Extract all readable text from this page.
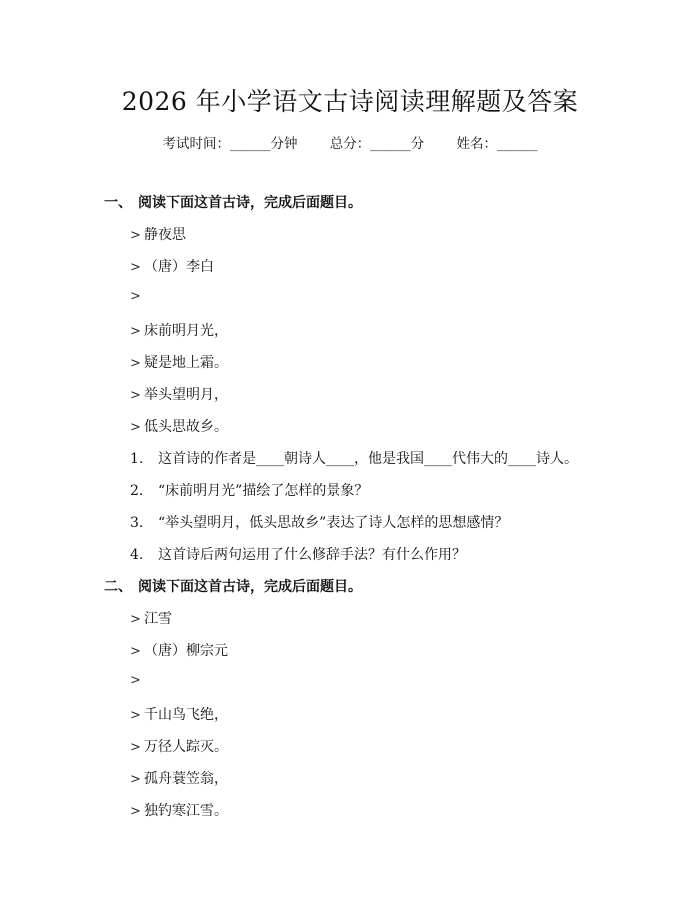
2026 年小学语文古诗阅读理解题及答案
考试时间：______分钟 总分：______分 姓名：______
一、 阅读下面这首古诗，完成后面题目。
> 静夜思
> （唐）李白
>
> 床前明月光，
> 疑是地上霜。
> 举头望明月，
> 低头思故乡。
1. 这首诗的作者是____朝诗人____，他是我国____代伟大的____诗人。
2. “床前明月光”描绘了怎样的景象？
3. “举头望明月，低头思故乡”表达了诗人怎样的思想感情？
4. 这首诗后两句运用了什么修辞手法？有什么作用？
二、 阅读下面这首古诗，完成后面题目。
> 江雪
> （唐）柳宗元
>
> 千山鸟飞绝，
> 万径人踪灭。
> 孤舟蓑笠翁，
> 独钓寒江雪。
